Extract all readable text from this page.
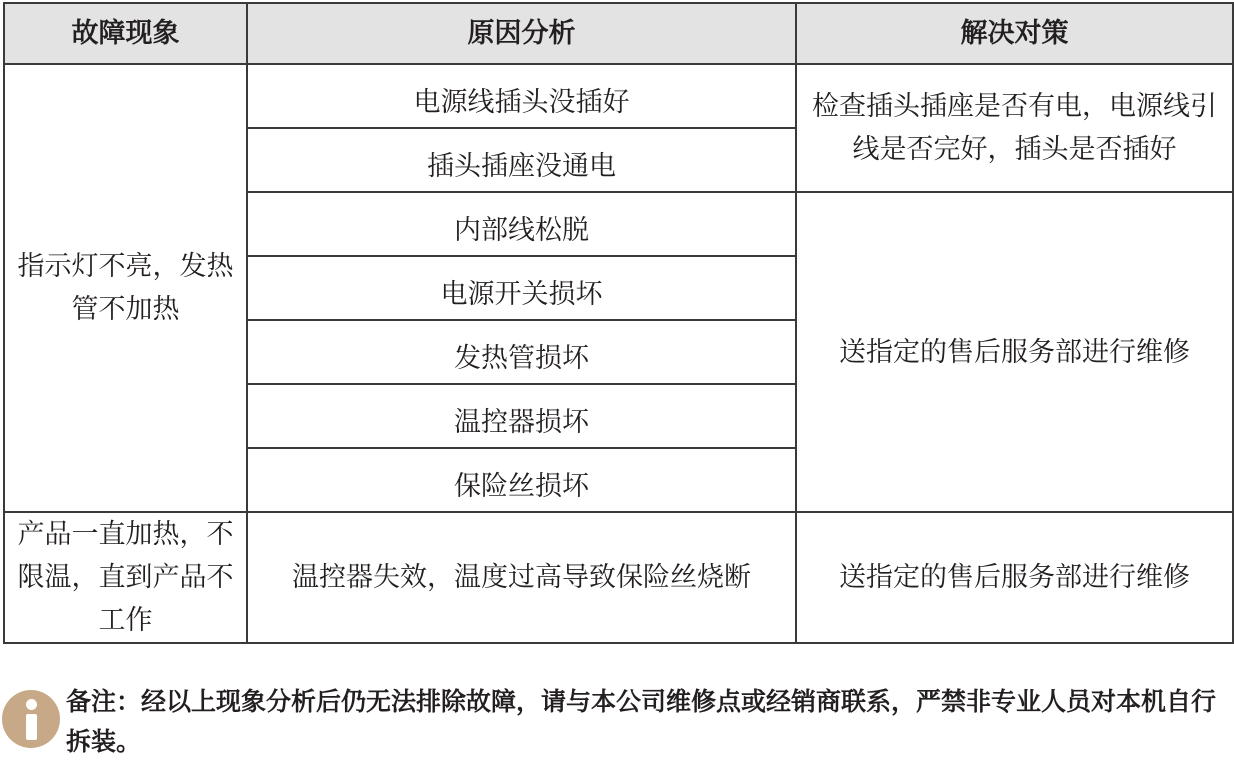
故障现象	原因分析	解决对策

指示灯不亮，发热管不加热	电源线插头没插好	检查插头插座是否有电，电源线引线是否完好，插头是否插好

	插头插座没通电	

	内部线松脱	送指定的售后服务部进行维修

	电源开关损坏	

	发热管损坏	

	温控器损坏	

	保险丝损坏	

产品一直加热，不限温，直到产品不工作	温控器失效，温度过高导致保险丝烧断	送指定的售后服务部进行维修
备注：经以上现象分析后仍无法排除故障，请与本公司维修点或经销商联系，严禁非专业人员对本机自行拆装。
